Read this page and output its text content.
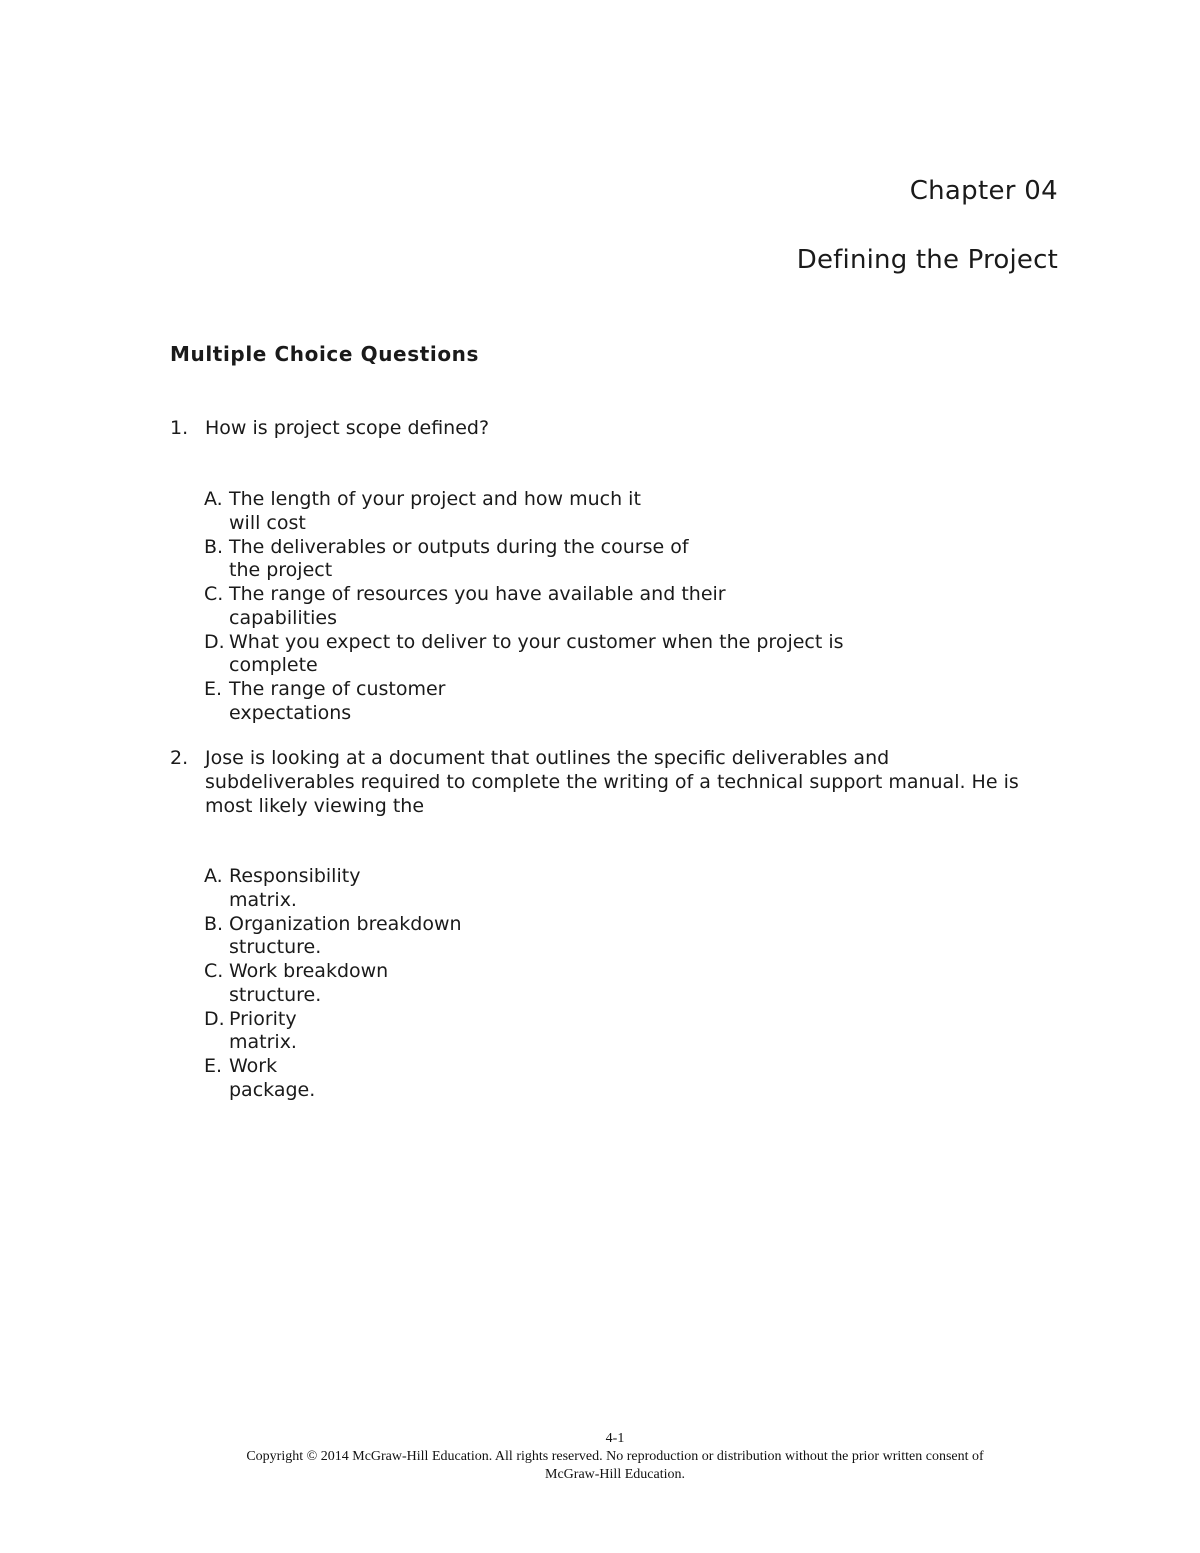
Chapter 04
Defining the Project
Multiple Choice Questions
1. How is project scope defined?
A. The length of your project and how much it
will cost
B. The deliverables or outputs during the course of
the project
C. The range of resources you have available and their
capabilities
D. What you expect to deliver to your customer when the project is
complete
E. The range of customer
expectations
2. Jose is looking at a document that outlines the specific deliverables and
subdeliverables required to complete the writing of a technical support manual. He is
most likely viewing the
A. Responsibility
matrix.
B. Organization breakdown
structure.
C. Work breakdown
structure.
D. Priority
matrix.
E. Work
package.
4-1
Copyright © 2014 McGraw-Hill Education. All rights reserved. No reproduction or distribution without the prior written consent of
McGraw-Hill Education.
